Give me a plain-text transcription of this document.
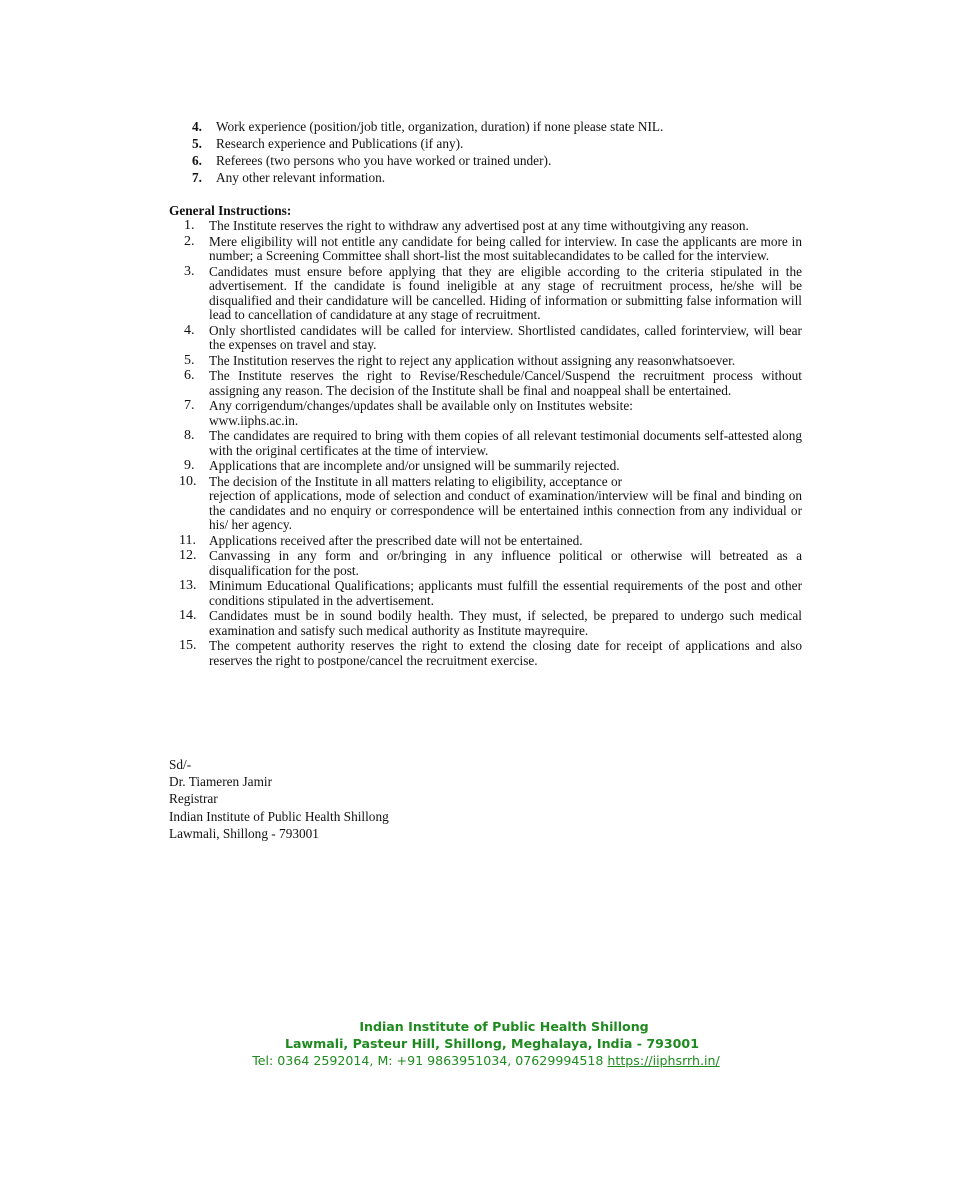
4. Work experience (position/job title, organization, duration) if none please state NIL.
5. Research experience and Publications (if any).
6. Referees (two persons who you have worked or trained under).
7. Any other relevant information.
General Instructions:
1. The Institute reserves the right to withdraw any advertised post at any time withoutgiving any reason.
2. Mere eligibility will not entitle any candidate for being called for interview. In case the applicants are more in number; a Screening Committee shall short-list the most suitablecandidates to be called for the interview.
3. Candidates must ensure before applying that they are eligible according to the criteria stipulated in the advertisement. If the candidate is found ineligible at any stage of recruitment process, he/she will be disqualified and their candidature will be cancelled. Hiding of information or submitting false information will lead to cancellation of candidature at any stage of recruitment.
4. Only shortlisted candidates will be called for interview. Shortlisted candidates, called forinterview, will bear the expenses on travel and stay.
5. The Institution reserves the right to reject any application without assigning any reasonwhatsoever.
6. The Institute reserves the right to Revise/Reschedule/Cancel/Suspend the recruitment process without assigning any reason. The decision of the Institute shall be final and noappeal shall be entertained.
7. Any corrigendum/changes/updates shall be available only on Institutes website:
www.iiphs.ac.in.
8. The candidates are required to bring with them copies of all relevant testimonial documents self-attested along with the original certificates at the time of interview.
9. Applications that are incomplete and/or unsigned will be summarily rejected.
10. The decision of the Institute in all matters relating to eligibility, acceptance or
rejection of applications, mode of selection and conduct of examination/interview will be final and binding on the candidates and no enquiry or correspondence will be entertained inthis connection from any individual or his/ her agency.
11. Applications received after the prescribed date will not be entertained.
12. Canvassing in any form and or/bringing in any influence political or otherwise will betreated as a disqualification for the post.
13. Minimum Educational Qualifications; applicants must fulfill the essential requirements of the post and other conditions stipulated in the advertisement.
14. Candidates must be in sound bodily health. They must, if selected, be prepared to undergo such medical examination and satisfy such medical authority as Institute mayrequire.
15. The competent authority reserves the right to extend the closing date for receipt of applications and also reserves the right to postpone/cancel the recruitment exercise.
Sd/-
Dr. Tiameren Jamir
Registrar
Indian Institute of Public Health Shillong
Lawmali, Shillong - 793001
Indian Institute of Public Health Shillong
Lawmali, Pasteur Hill, Shillong, Meghalaya, India - 793001
Tel: 0364 2592014, M: +91 9863951034, 07629994518 https://iiphsrrh.in/
